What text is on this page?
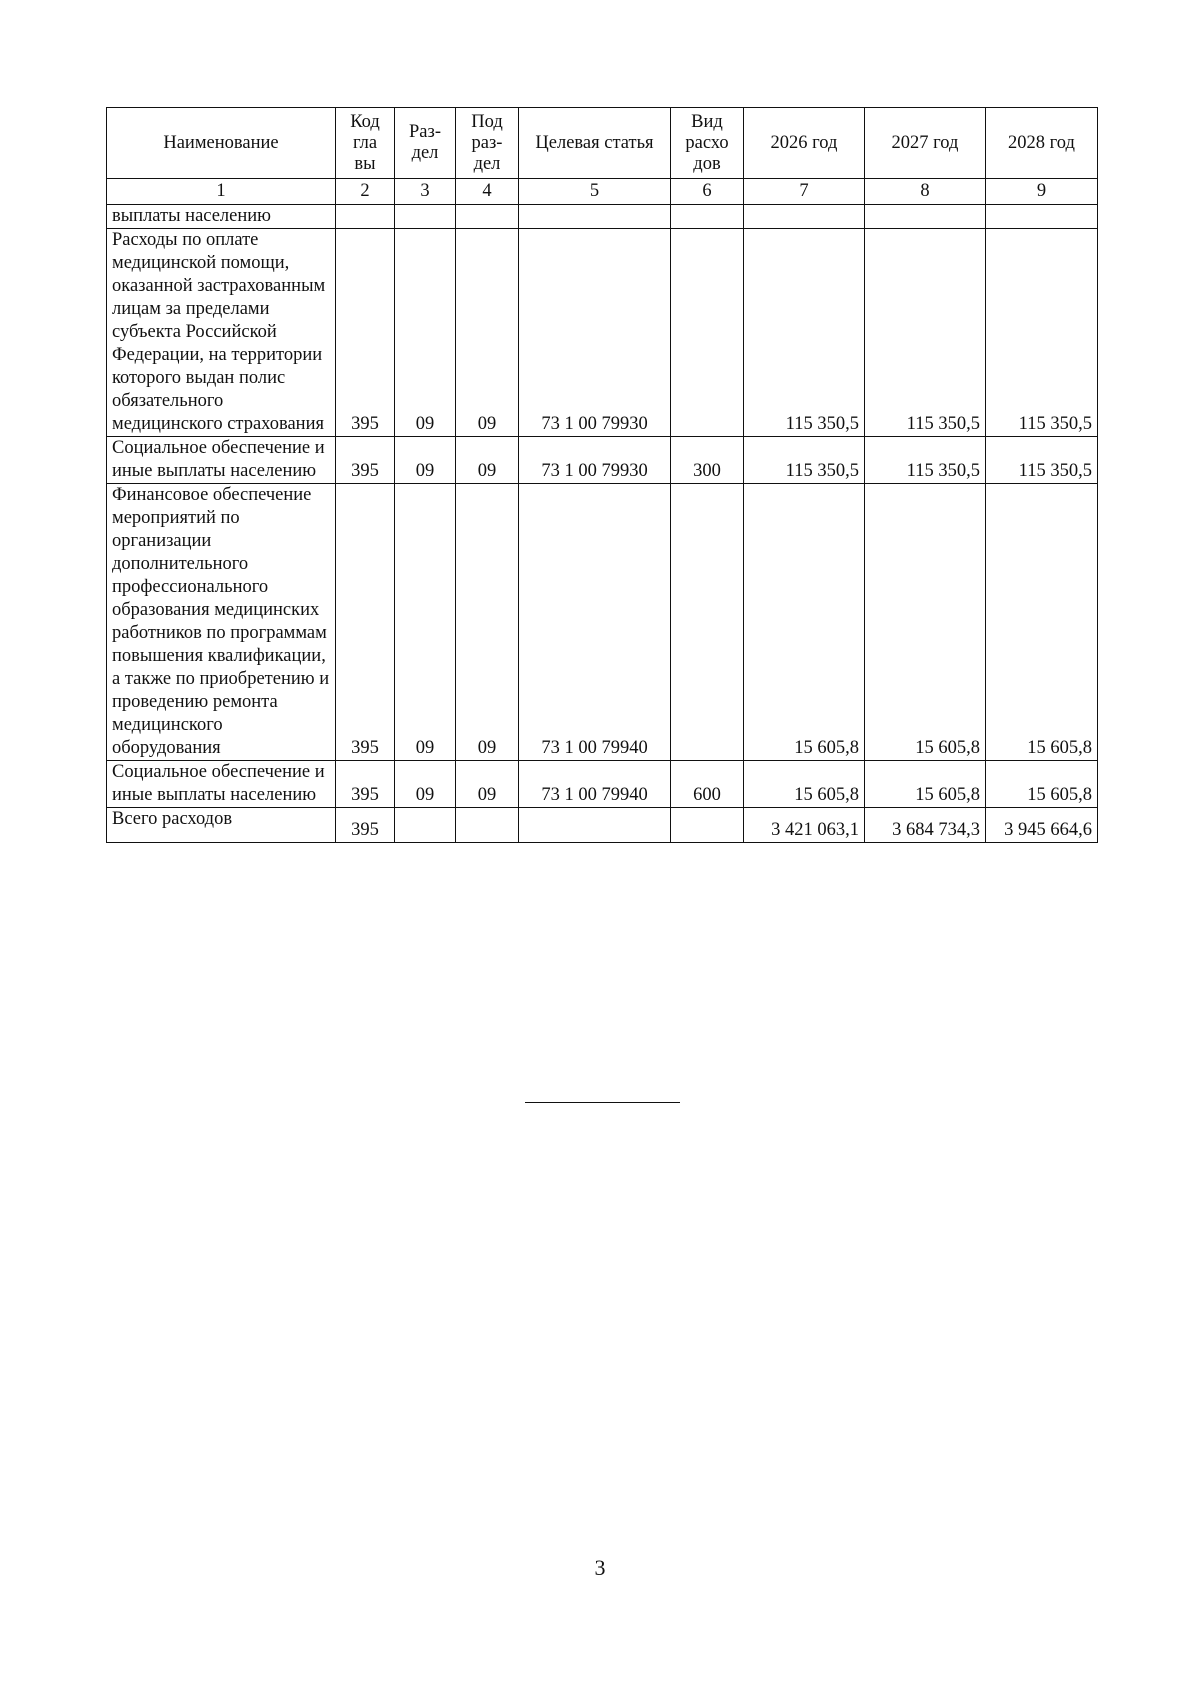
Наименование	Код гла вы	Раз- дел	Под раз- дел	Целевая статья	Вид расхо дов	2026 год	2027 год	2028 год
1	2	3	4	5	6	7	8	9
выплаты населению								
Расходы по оплате медицинской помощи, оказанной застрахованным лицам за пределами субъекта Российской Федерации, на территории которого выдан полис обязательного медицинского страхования	395	09	09	73 1 00 79930		115 350,5	115 350,5	115 350,5
Социальное обеспечение и иные выплаты населению	395	09	09	73 1 00 79930	300	115 350,5	115 350,5	115 350,5
Финансовое обеспечение мероприятий по организации дополнительного профессионального образования медицинских работников по программам повышения квалификации, а также по приобретению и проведению ремонта медицинского оборудования	395	09	09	73 1 00 79940		15 605,8	15 605,8	15 605,8
Социальное обеспечение и иные выплаты населению	395	09	09	73 1 00 79940	600	15 605,8	15 605,8	15 605,8
Всего расходов	395					3 421 063,1	3 684 734,3	3 945 664,6
3
